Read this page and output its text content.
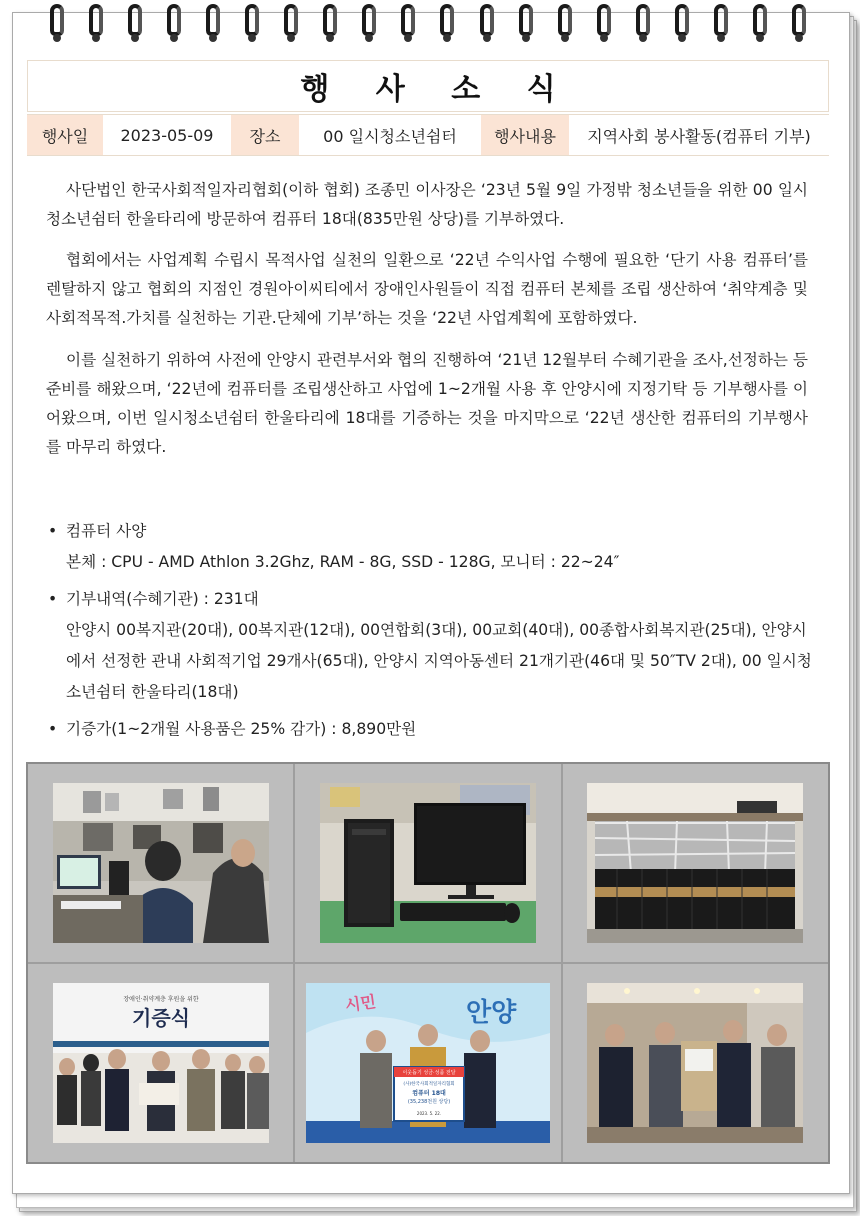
행 사 소 식
행사일	2023-05-09	장소	00 일시청소년쉼터	행사내용	지역사회 봉사활동(컴퓨터 기부)

사단법인 한국사회적일자리협회(이하 협회) 조종민 이사장은 ‘23년 5월 9일 가정밖 청소년들을 위한 00 일시청소년쉼터 한울타리에 방문하여 컴퓨터 18대(835만원 상당)를 기부하였다.

협회에서는 사업계획 수립시 목적사업 실천의 일환으로 ‘22년 수익사업 수행에 필요한 ‘단기 사용 컴퓨터’를 렌탈하지 않고 협회의 지점인 경원아이씨티에서 장애인사원들이 직접 컴퓨터 본체를 조립 생산하여 ‘취약계층 및 사회적목적.가치를 실천하는 기관.단체에 기부’하는 것을 ‘22년 사업계획에 포함하였다.

이를 실천하기 위하여 사전에 안양시 관련부서와 협의 진행하여 ‘21년 12월부터 수혜기관을 조사,선정하는 등 준비를 해왔으며, ‘22년에 컴퓨터를 조립생산하고 사업에 1~2개월 사용 후 안양시에 지정기탁 등 기부행사를 이어왔으며, 이번 일시청소년쉼터 한울타리에 18대를 기증하는 것을 마지막으로 ‘22년 생산한 컴퓨터의 기부행사를 마무리 하였다.

• 컴퓨터 사양
본체 : CPU - AMD Athlon 3.2Ghz, RAM - 8G, SSD - 128G, 모니터 : 22~24″
• 기부내역(수혜기관) : 231대
안양시 00복지관(20대), 00복지관(12대), 00연합회(3대), 00교회(40대), 00종합사회복지관(25대), 안양시에서 선정한 관내 사회적기업 29개사(65대), 안양시 지역아동센터 21개기관(46대 및 50″TV 2대), 00 일시청소년쉼터 한울타리(18대)
• 기증가(1~2개월 사용품은 25% 감가) : 8,890만원
장애인·취약계층 후원을 위한
기증식
시민	안양
이웃돕기 성금·성품 전달
(사)한국사회적일자리협회
컴퓨터 18대
(35,238천원 상당)
2023. 5. 22.
